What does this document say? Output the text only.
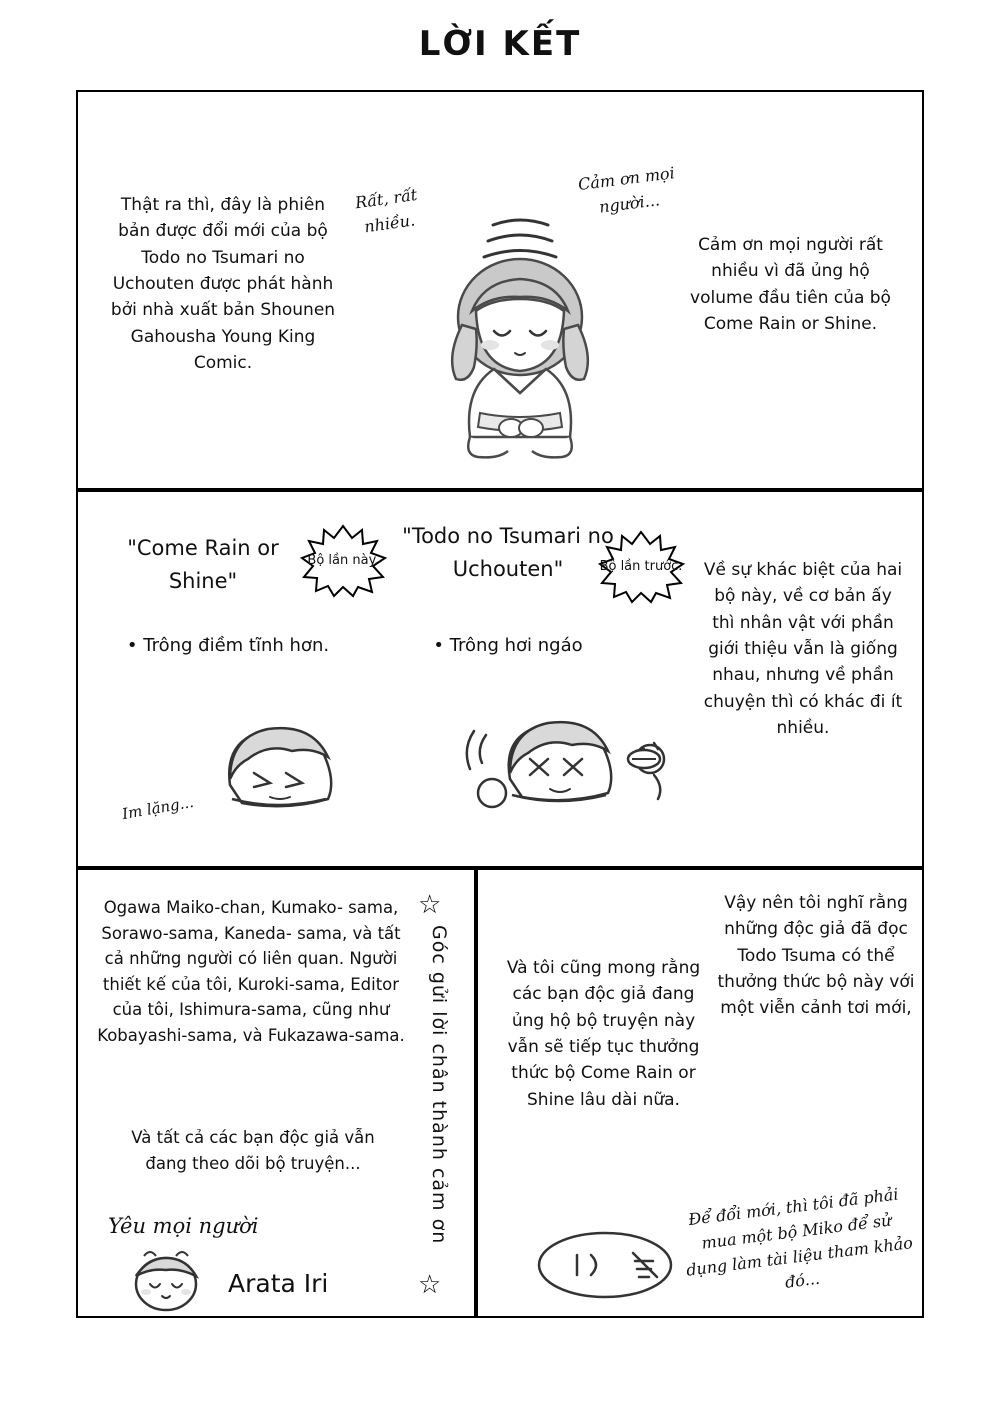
LỜI KẾT
Thật ra thì, đây là phiên bản được đổi mới của bộ Todo no Tsumari no Uchouten được phát hành bởi nhà xuất bản Shounen Gahousha Young King Comic.
Cảm ơn mọi người rất nhiều vì đã ủng hộ volume đầu tiên của bộ Come Rain or Shine.
Rất, rất nhiều.
Cảm ơn mọi người...
"Come Rain or Shine"
"Todo no Tsumari no Uchouten"
Bộ lần này.	Bộ lần trước.
• Trông điềm tĩnh hơn.	• Trông hơi ngáo
Về sự khác biệt của hai bộ này, về cơ bản ấy thì nhân vật với phần giới thiệu vẫn là giống nhau, nhưng về phần chuyện thì có khác đi ít nhiều.
Im lặng...
Ogawa Maiko-chan, Kumako- sama, Sorawo-sama, Kaneda- sama, và tất cả những người có liên quan. Người thiết kế của tôi, Kuroki-sama, Editor của tôi, Ishimura-sama, cũng như Kobayashi-sama, và Fukazawa-sama.
Và tất cả các bạn độc giả vẫn đang theo dõi bộ truyện...
Yêu mọi người
Arata Iri
Góc gửi lời chân thành cảm ơn
☆
☆
Và tôi cũng mong rằng các bạn độc giả đang ủng hộ bộ truyện này vẫn sẽ tiếp tục thưởng thức bộ Come Rain or Shine lâu dài nữa.
Vậy nên tôi nghĩ rằng những độc giả đã đọc Todo Tsuma có thể thưởng thức bộ này với một viễn cảnh tơi mới,
Để đổi mới, thì tôi đã phải mua một bộ Miko để sử dụng làm tài liệu tham khảo đó...
